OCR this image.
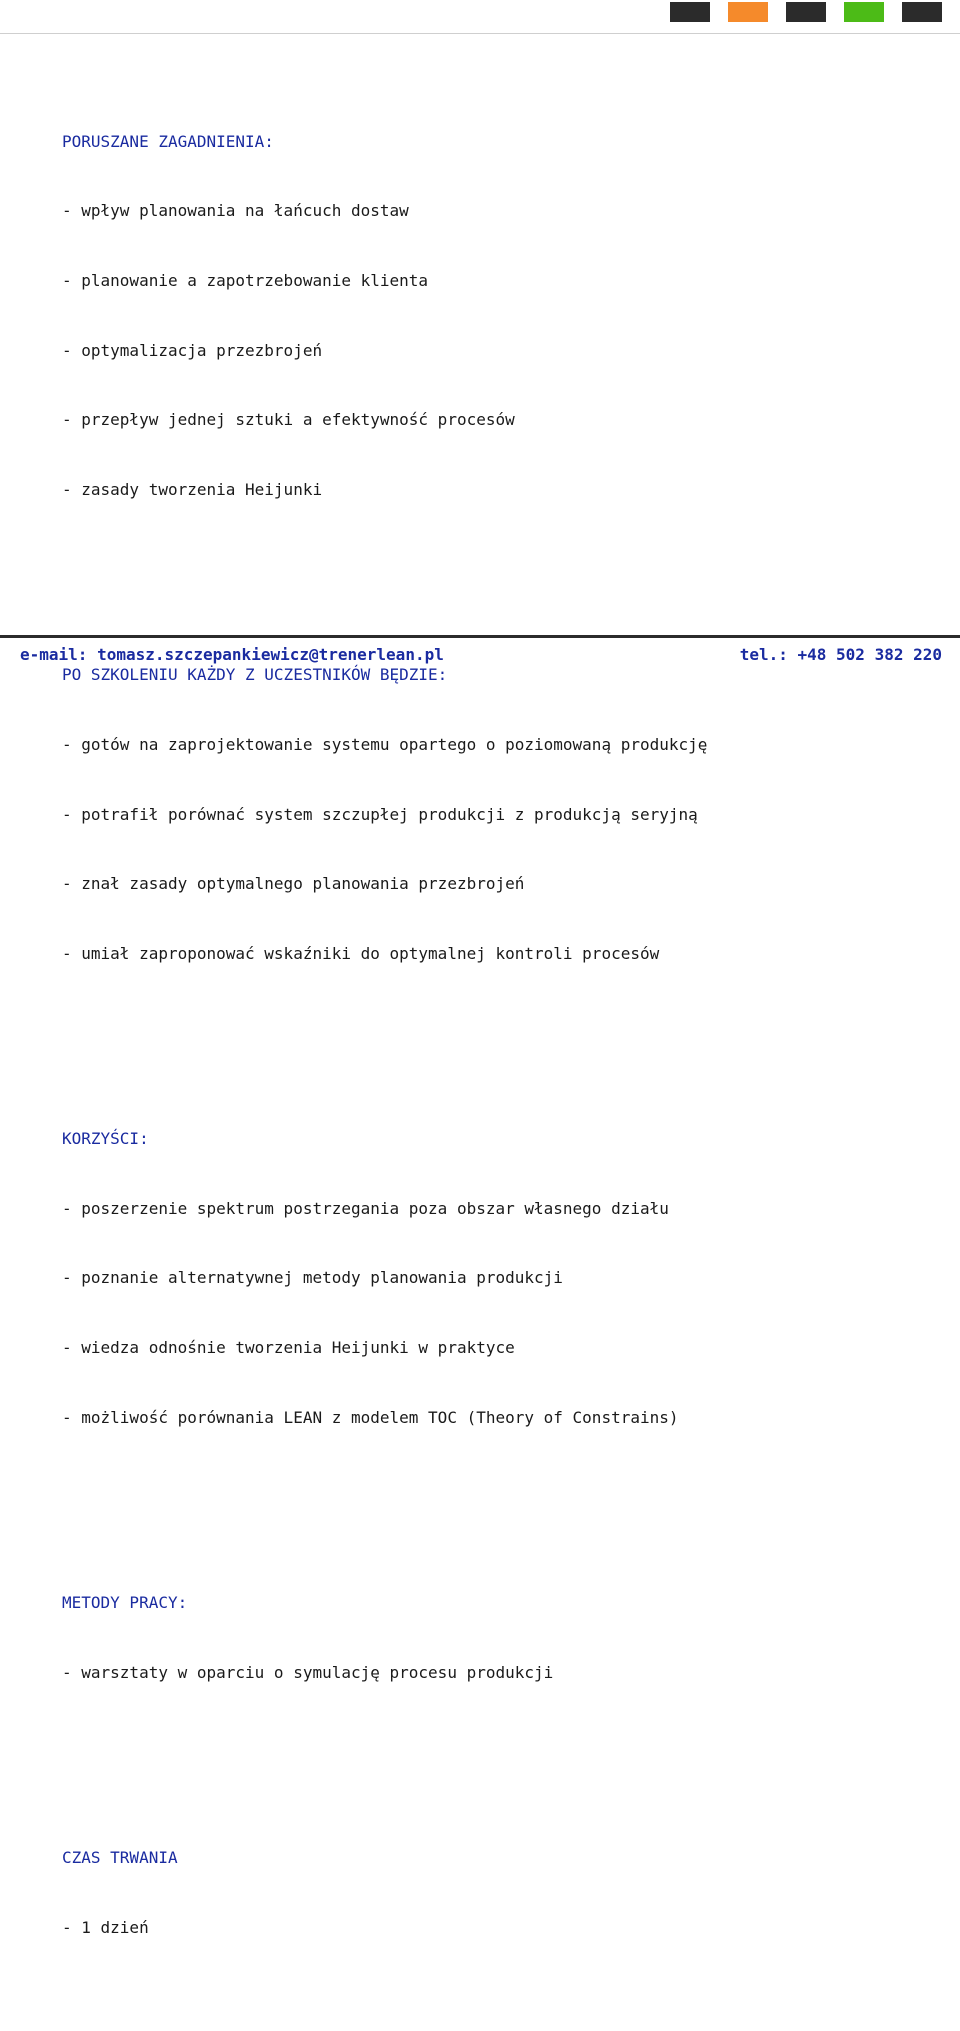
PORUSZANE ZAGADNIENIA:

- wpływ planowania na łańcuch dostaw

- planowanie a zapotrzebowanie klienta

- optymalizacja przezbrojeń

- przepływ jednej sztuki a efektywność procesów

- zasady tworzenia Heijunki

PO SZKOLENIU KAŻDY Z UCZESTNIKÓW BĘDZIE:

- gotów na zaprojektowanie systemu opartego o poziomowaną produkcję

- potrafił porównać system szczupłej produkcji z produkcją seryjną

- znał zasady optymalnego planowania przezbrojeń

- umiał zaproponować wskaźniki do optymalnej kontroli procesów

KORZYŚCI:

- poszerzenie spektrum postrzegania poza obszar własnego działu

- poznanie alternatywnej metody planowania produkcji

- wiedza odnośnie tworzenia Heijunki w praktyce

- możliwość porównania LEAN z modelem TOC (Theory of Constrains)

METODY PRACY:

- warsztaty w oparciu o symulację procesu produkcji

CZAS TRWANIA

- 1 dzień

e-mail: tomasz.szczepankiewicz@trenerlean.pl	tel.: +48 502 382 220
